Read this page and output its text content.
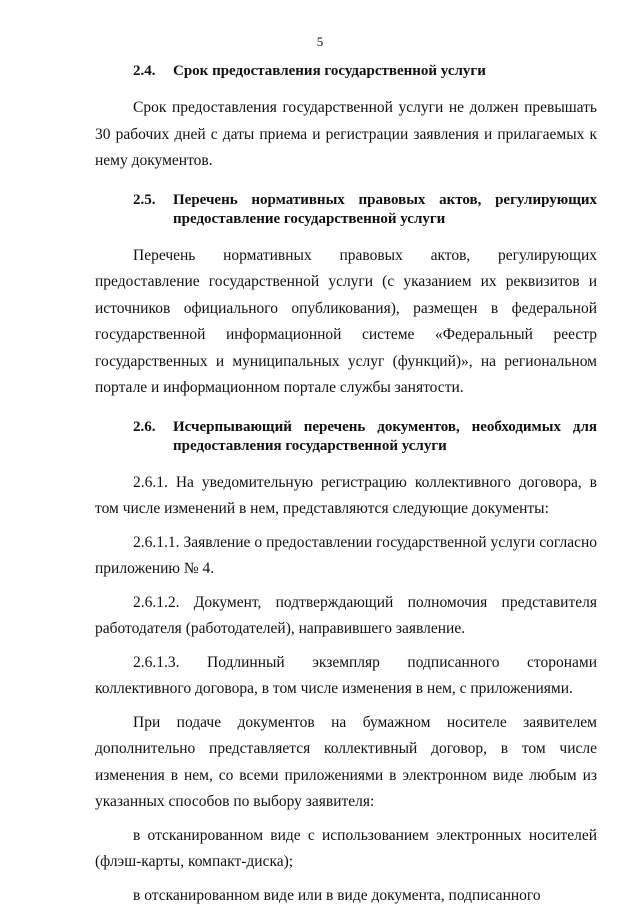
5
2.4.	Срок предоставления государственной услуги

Срок предоставления государственной услуги не должен превышать 30 рабочих дней с даты приема и регистрации заявления и прилагаемых к нему документов.

2.5.	Перечень нормативных правовых актов, регулирующих предоставление государственной услуги

Перечень нормативных правовых актов, регулирующих предоставление государственной услуги (с указанием их реквизитов и источников официального опубликования), размещен в федеральной государственной информационной системе «Федеральный реестр государственных и муниципальных услуг (функций)», на региональном портале и информационном портале службы занятости.

2.6.	Исчерпывающий перечень документов, необходимых для предоставления государственной услуги

2.6.1. На уведомительную регистрацию коллективного договора, в том числе изменений в нем, представляются следующие документы:

2.6.1.1. Заявление о предоставлении государственной услуги согласно приложению № 4.

2.6.1.2. Документ, подтверждающий полномочия представителя работодателя (работодателей), направившего заявление.

2.6.1.3. Подлинный экземпляр подписанного сторонами коллективного договора, в том числе изменения в нем, с приложениями.

При подаче документов на бумажном носителе заявителем дополнительно представляется коллективный договор, в том числе изменения в нем, со всеми приложениями в электронном виде любым из указанных способов по выбору заявителя:

в отсканированном виде с использованием электронных носителей (флэш-карты, компакт-диска);

в отсканированном виде или в виде документа, подписанного
